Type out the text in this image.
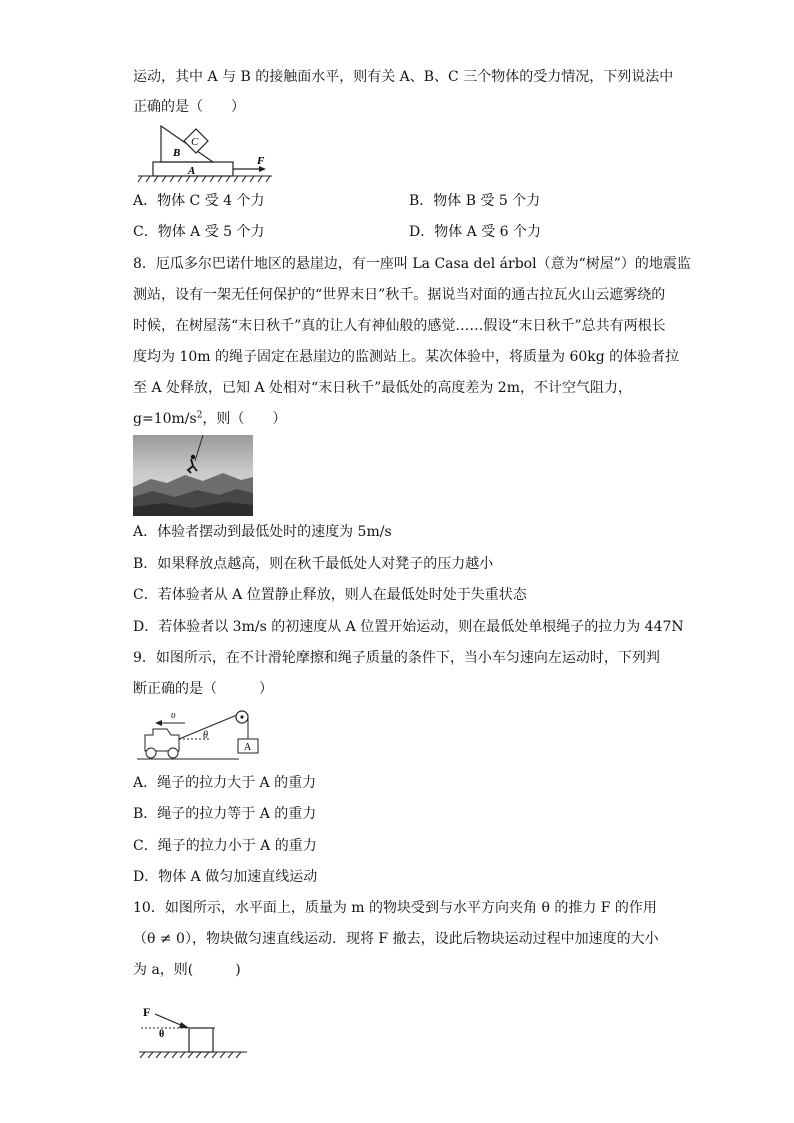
运动，其中 A 与 B 的接触面水平，则有关 A、B、C 三个物体的受力情况，下列说法中
正确的是（　　）
C
B
A
F
A．物体 C 受 4 个力	B．物体 B 受 5 个力
C．物体 A 受 5 个力	D．物体 A 受 6 个力
8．厄瓜多尔巴诺什地区的悬崖边，有一座叫 La Casa del árbol（意为“树屋”）的地震监
测站，设有一架无任何保护的“世界末日”秋千。据说当对面的通古拉瓦火山云遮雾绕的
时候，在树屋荡“末日秋千”真的让人有神仙般的感觉……假设“末日秋千”总共有两根长
度均为 10m 的绳子固定在悬崖边的监测站上。某次体验中，将质量为 60kg 的体验者拉
至 A 处释放，已知 A 处相对“末日秋千”最低处的高度差为 2m，不计空气阻力，
$g=10m/s^2$，则（　　）
A．体验者摆动到最低处时的速度为 5m/s
B．如果释放点越高，则在秋千最低处人对凳子的压力越小
C．若体验者从 A 位置静止释放，则人在最低处时处于失重状态
D．若体验者以 3m/s 的初速度从 A 位置开始运动，则在最低处单根绳子的拉力为 447N
9．如图所示，在不计滑轮摩擦和绳子质量的条件下，当小车匀速向左运动时，下列判
断正确的是（　　　）
θ
A
υ
A．绳子的拉力大于 A 的重力
B．绳子的拉力等于 A 的重力
C．绳子的拉力小于 A 的重力
D．物体 A 做匀加速直线运动
10．如图所示，水平面上，质量为 m 的物块受到与水平方向夹角 θ 的推力 F 的作用
（θ ≠ 0），物块做匀速直线运动．现将 F 撤去，设此后物块运动过程中加速度的大小
为 a，则(　　　)
F
θ
